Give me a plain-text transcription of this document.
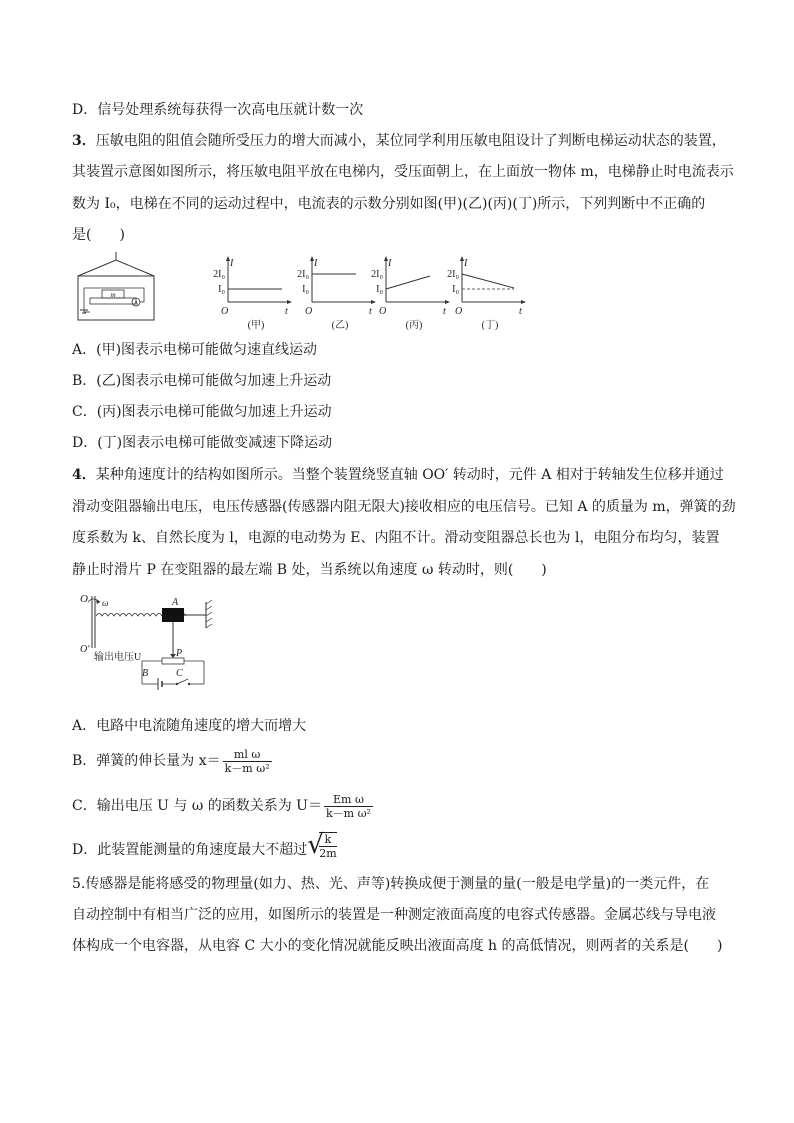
D．信号处理系统每获得一次高电压就计数一次
3．压敏电阻的阻值会随所受压力的增大而减小，某位同学利用压敏电阻设计了判断电梯运动状态的装置，
其装置示意图如图所示，将压敏电阻平放在电梯内，受压面朝上，在上面放一物体 m，电梯静止时电流表示
数为 I₀，电梯在不同的运动过程中，电流表的示数分别如图(甲)(乙)(丙)(丁)所示，下列判断中不正确的
是(　　)
m
A
I
2I₀
I₀
O	t
(甲)
I
2I₀
I₀
O	t
(乙)
I
2I₀
I₀
O	t
(丙)
I
2I₀
I₀
O	t
(丁)
A．(甲)图表示电梯可能做匀速直线运动
B．(乙)图表示电梯可能做匀加速上升运动
C．(丙)图表示电梯可能做匀加速上升运动
D．(丁)图表示电梯可能做变减速下降运动
4．某种角速度计的结构如图所示。当整个装置绕竖直轴 OO′ 转动时，元件 A 相对于转轴发生位移并通过
滑动变阻器输出电压，电压传感器(传感器内阻无限大)接收相应的电压信号。已知 A 的质量为 m，弹簧的劲
度系数为 k、自然长度为 l，电源的电动势为 E、内阻不计。滑动变阻器总长也为 l，电阻分布均匀，装置
静止时滑片 P 在变阻器的最左端 B 处，当系统以角速度 ω 转动时，则(　　)
O ω	A
P
O′
输出电压U
B	C
A．电路中电流随角速度的增大而增大
B．弹簧的伸长量为 $x= \frac{\text{ml ω}}{\text{k－m ω²}}$
C．输出电压 U 与 ω 的函数关系为 $U= \frac{\text{Em ω}}{\text{k－m ω²}}$
D．此装置能测量的角速度最大不超过 √
$\frac{k}{2m}$
5.传感器是能将感受的物理量(如力、热、光、声等)转换成便于测量的量(一般是电学量)的一类元件，在
自动控制中有相当广泛的应用，如图所示的装置是一种测定液面高度的电容式传感器。金属芯线与导电液
体构成一个电容器，从电容 C 大小的变化情况就能反映出液面高度 h 的高低情况，则两者的关系是(　　)
